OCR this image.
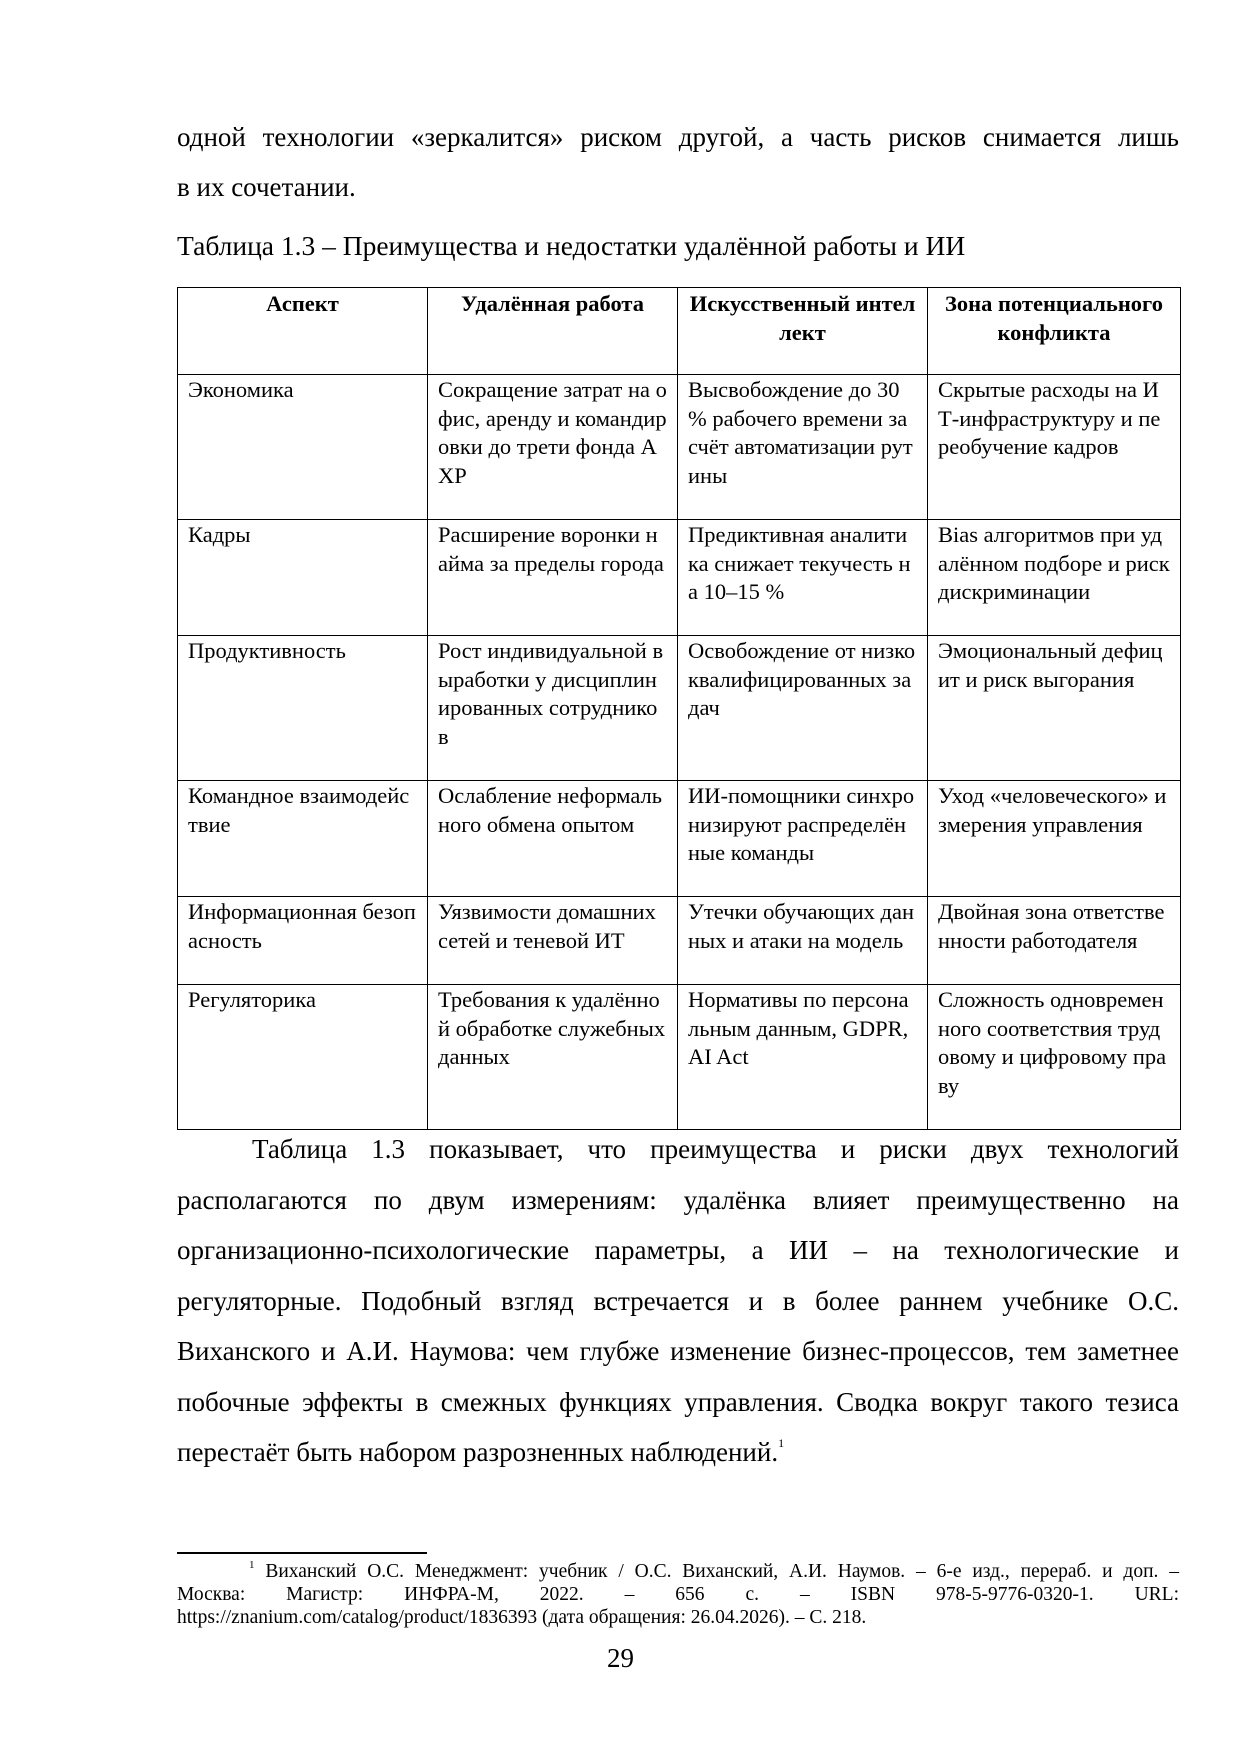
одной технологии «зеркалится» риском другой, а часть рисков снимается лишь
в их сочетании.
Таблица 1.3 – Преимущества и недостатки удалённой работы и ИИ
Аспект	Удалённая работа	Искусственный интеллект	Зона потенциального конфликта
Экономика	Сокращение затрат на офис, аренду и командировки до трети фонда АХР	Высвобождение до 30 % рабочего времени за счёт автоматизации рутины	Скрытые расходы на ИТ-инфраструктуру и переобучение кадров
Кадры	Расширение воронки найма за пределы города	Предиктивная аналитика снижает текучесть на 10–15 %	Bias алгоритмов при удалённом подборе и риск дискриминации
Продуктивность	Рост индивидуальной выработки у дисциплинированных сотрудников	Освобождение от низкоквалифицированных задач	Эмоциональный дефицит и риск выгорания
Командное взаимодействие	Ослабление неформального обмена опытом	ИИ-помощники синхронизируют распределённые команды	Уход «человеческого» измерения управления
Информационная безопасность	Уязвимости домашних сетей и теневой ИТ	Утечки обучающих данных и атаки на модель	Двойная зона ответственности работодателя
Регуляторика	Требования к удалённой обработке служебных данных	Нормативы по персональным данным, GDPR, AI Act	Сложность одновременного соответствия трудовому и цифровому праву
Таблица 1.3 показывает, что преимущества и риски двух технологий располагаются по двум измерениям: удалёнка влияет преимущественно на организационно-психологические параметры, а ИИ – на технологические и регуляторные. Подобный взгляд встречается и в более раннем учебнике О.С. Виханского и А.И. Наумова: чем глубже изменение бизнес-процессов, тем заметнее побочные эффекты в смежных функциях управления. Сводка вокруг такого тезиса перестаёт быть набором разрозненных наблюдений.$^1$
$^1$ Виханский О.С. Менеджмент: учебник / О.С. Виханский, А.И. Наумов. – 6-е изд., перераб. и доп. –
Москва: Магистр: ИНФРА-М, 2022. – 656 с. – ISBN 978-5-9776-0320-1. URL:
https://znanium.com/catalog/product/1836393 (дата обращения: 26.04.2026). – С. 218.
29
